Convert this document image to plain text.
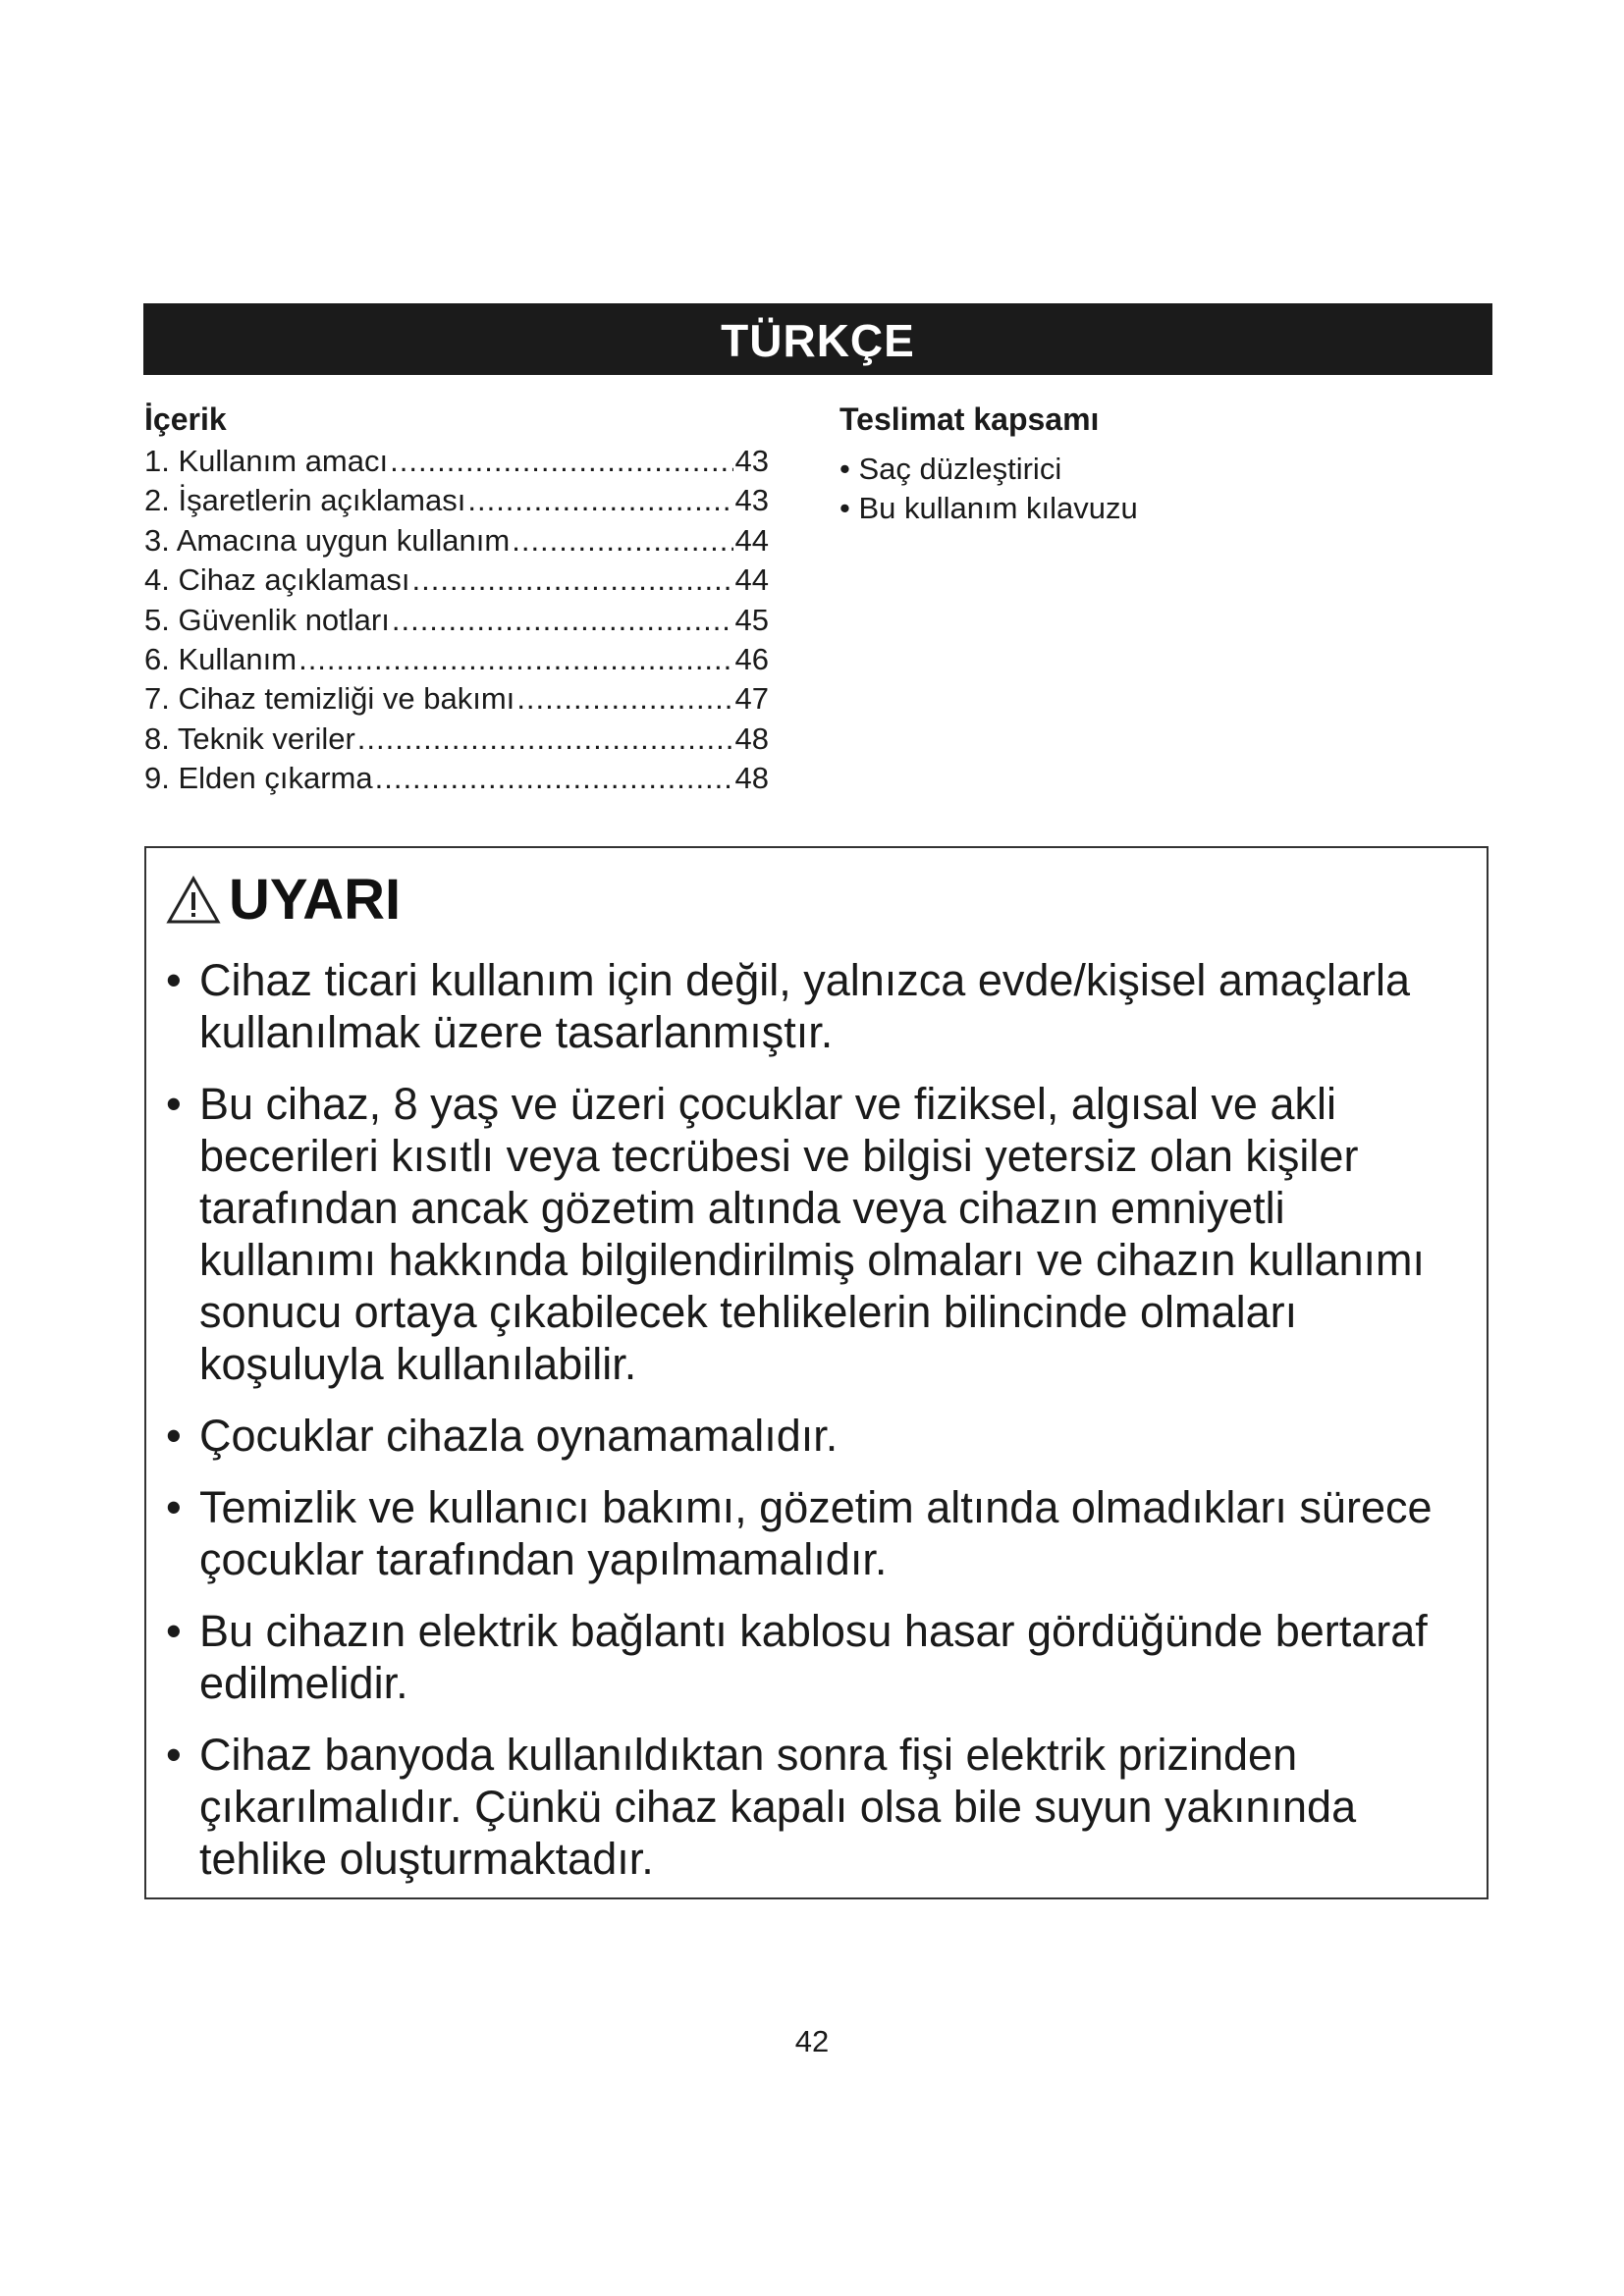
TÜRKÇE
İçerik
1. Kullanım amacı .....	43
2. İşaretlerin açıklaması .....	43
3. Amacına uygun kullanım .....	44
4. Cihaz açıklaması .....	44
5. Güvenlik notları .....	45
6. Kullanım .....	46
7. Cihaz temizliği ve bakımı .....	47
8. Teknik veriler .....	48
9. Elden çıkarma .....	48
Teslimat kapsamı
• Saç düzleştirici
• Bu kullanım kılavuzu
UYARI
• Cihaz ticari kullanım için değil, yalnızca evde/kişisel amaçlarla kullanılmak üzere tasarlanmıştır.
• Bu cihaz, 8 yaş ve üzeri çocuklar ve fiziksel, algısal ve akli becerileri kısıtlı veya tecrübesi ve bilgisi yetersiz olan kişiler tarafından ancak gözetim altında veya cihazın emniyetli kullanımı hakkında bilgilendirilmiş olmaları ve cihazın kullanımı sonucu ortaya çıkabilecek tehlikelerin bilincinde olmaları koşuluyla kullanılabilir.
• Çocuklar cihazla oynamamalıdır.
• Temizlik ve kullanıcı bakımı, gözetim altında olmadıkları sürece çocuklar tarafından yapılmamalıdır.
• Bu cihazın elektrik bağlantı kablosu hasar gördüğünde bertaraf edilmelidir.
• Cihaz banyoda kullanıldıktan sonra fişi elektrik prizinden çıkarılmalıdır. Çünkü cihaz kapalı olsa bile suyun yakınında tehlike oluşturmaktadır.
42
